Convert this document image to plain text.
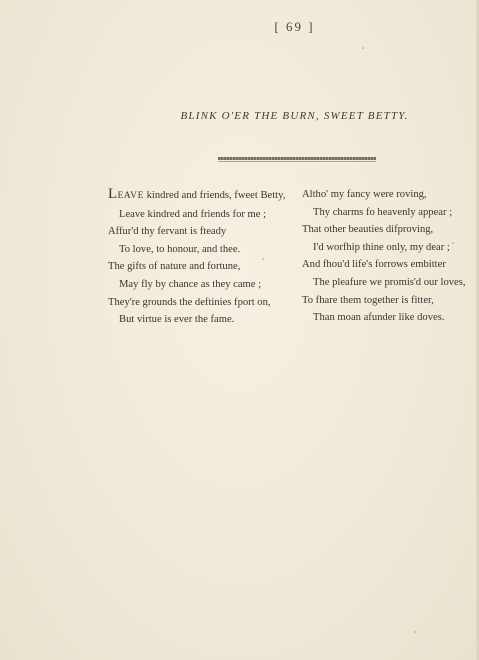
[ 69 ]
BLINK O'ER THE BURN, SWEET BETTY.
LEAVE kindred and friends, fweet Betty,
Leave kindred and friends for me ;
Affur'd thy fervant is fteady
To love, to honour, and thee.
The gifts of nature and fortune,
May fly by chance as they came ;
They're grounds the deftinies fport on,
But virtue is ever the fame.
Altho' my fancy were roving,
Thy charms fo heavenly appear ;
That other beauties difproving,
I'd worfhip thine only, my dear ;
And fhou'd life's forrows embitter
The pleafure we promis'd our loves,
To fhare them together is fitter,
Than moan afunder like doves.
